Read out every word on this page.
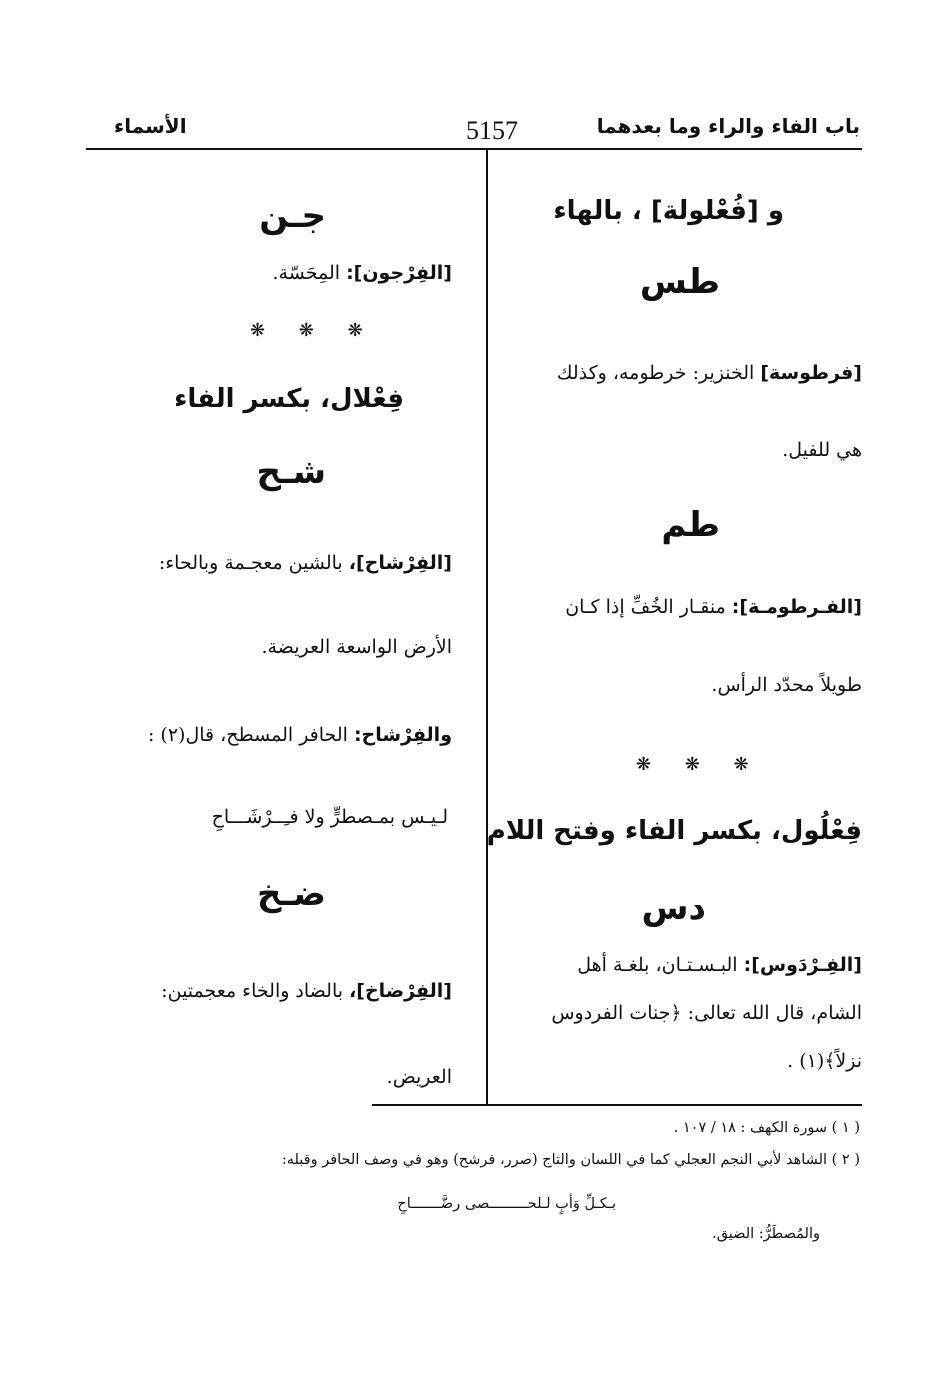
باب الفاء والراء وما بعدهما
5157
الأسماء
و [فُعْلولة] ، بالهاء
طس
[فرطوسة] الخنزير: خرطومه، وكذلك
هي للفيل.
طم
[الفـرطومـة]: منقـار الخُفِّ إذا كـان
طويلاً محدّد الرأس.
❋ ❋ ❋
فِعْلُول، بكسر الفاء وفتح اللام
دس
[الفِـرْدَوس]: البـسـتـان، بلغـة أهل
الشام، قال الله تعالى: ﴿جنات الفردوس
نزلاً﴾(١) .
جـن
[الفِرْجون]: المِحَسّة.
❋ ❋ ❋
فِعْلال، بكسر الفاء
شـح
[الفِرْشاح]، بالشين معجـمة وبالحاء:
الأرض الواسعة العريضة.
والفِرْشاح: الحافر المسطح، قال(٢) :
لـيـس بمـصطرٍّ ولا فـِــرْشَـــاحِ
ضـخ
[الفِرْضاخ]، بالضاد والخاء معجمتين:
العريض.
( ١ ) سورة الكهف : ١٨ / ١٠٧ .
( ٢ ) الشاهد لأبي النجم العجلي كما في اللسان والتاج (صرر، فرشح) وهو في وصف الحافر وقبله:
بـكـلِّ وَأبٍ لـلحـــــــــصى رضَّـــــــاحِ
والمُصطَرُّ: الضيق.
